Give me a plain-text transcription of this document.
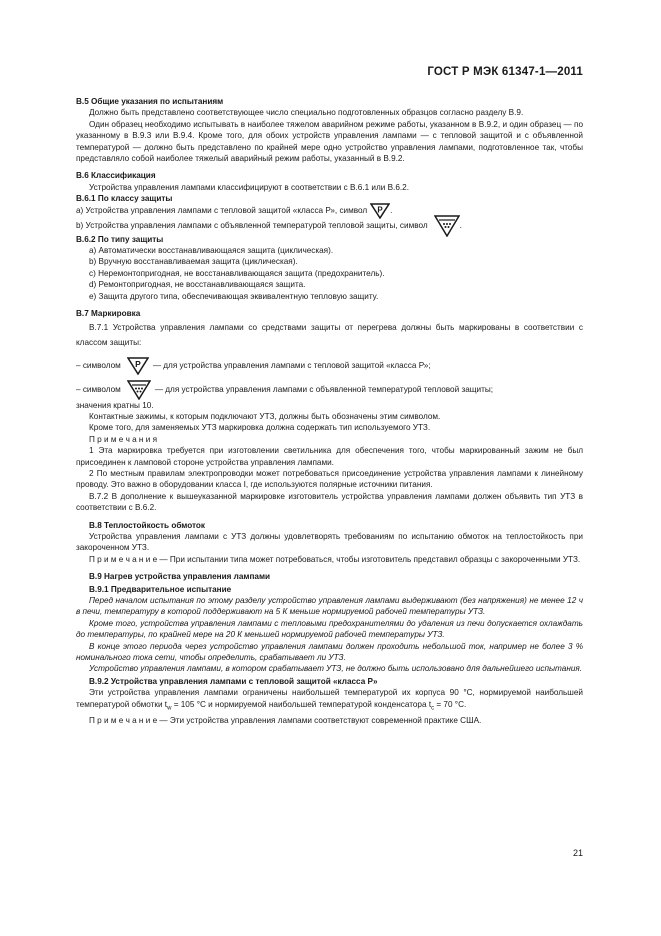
ГОСТ Р МЭК 61347-1—2011

В.5 Общие указания по испытаниям

Должно быть представлено соответствующее число специально подготовленных образцов согласно разделу В.9.

Один образец необходимо испытывать в наиболее тяжелом аварийном режиме работы, указанном в В.9.2, и один образец — по указанному в В.9.3 или В.9.4. Кроме того, для обоих устройств управления лампами — с тепловой защитой и с объявленной температурой — должно быть представлено по крайней мере одно устройство управления лампами, подготовленное так, чтобы представляло собой наиболее тяжелый аварийный режим работы, указанный в В.9.2.

В.6 Классификация

Устройства управления лампами классифицируют в соответствии с В.6.1 или В.6.2.

В.6.1 По классу защиты

a) Устройства управления лампами с тепловой защитой «класса Р», символ P .
b) Устройства управления лампами с объявленной температурой тепловой защиты, символ	.

В.6.2 По типу защиты

a) Автоматически восстанавливающаяся защита (циклическая).

b) Вручную восстанавливаемая защита (циклическая).

c) Неремонтопригодная, не восстанавливающаяся защита (предохранитель).

d) Ремонтопригодная, не восстанавливающаяся защита.

e) Защита другого типа, обеспечивающая эквивалентную тепловую защиту.

В.7 Маркировка

В.7.1 Устройства управления лампами со средствами защиты от перегрева должны быть маркированы в соответствии с классом защиты:

– символом P — для устройства управления лампами с тепловой защитой «класса Р»;
– символом	— для устройства управления лампами с объявленной температурой тепловой защиты;

значения кратны 10.

Контактные зажимы, к которым подключают УТЗ, должны быть обозначены этим символом.

Кроме того, для заменяемых УТЗ маркировка должна содержать тип используемого УТЗ.

П р и м е ч а н и я

1 Эта маркировка требуется при изготовлении светильника для обеспечения того, чтобы маркированный зажим не был присоединен к ламповой стороне устройства управления лампами.

2 По местным правилам электропроводки может потребоваться присоединение устройства управления лампами к линейному проводу. Это важно в оборудовании класса I, где используются полярные источники питания.

В.7.2 В дополнение к вышеуказанной маркировке изготовитель устройства управления лампами должен объявить тип УТЗ в соответствии с В.6.2.

В.8 Теплостойкость обмоток

Устройства управления лампами с УТЗ должны удовлетворять требованиям по испытанию обмоток на теплостойкость при закороченном УТЗ.

П р и м е ч а н и е — При испытании типа может потребоваться, чтобы изготовитель представил образцы с закороченными УТЗ.

В.9 Нагрев устройства управления лампами

В.9.1 Предварительное испытание

Перед началом испытания по этому разделу устройство управления лампами выдерживают (без напряжения) не менее 12 ч в печи, температуру в которой поддерживают на 5 К меньше нормируемой рабочей температуры УТЗ.

Кроме того, устройства управления лампами с тепловыми предохранителями до удаления из печи допускается охлаждать до температуры, по крайней мере на 20 К меньшей нормируемой рабочей температуры УТЗ.

В конце этого периода через устройство управления лампами должен проходить небольшой ток, например не более 3 % номинального тока сети, чтобы определить, срабатывает ли УТЗ.

Устройство управления лампами, в котором срабатывает УТЗ, не должно быть использовано для дальнейшего испытания.

В.9.2 Устройства управления лампами с тепловой защитой «класса Р»

Эти устройства управления лампами ограничены наибольшей температурой их корпуса 90 °С, нормируемой наибольшей температурой обмотки $t_w = 105$ °С и нормируемой наибольшей температурой конденсатора $t_c = 70$ °С.

П р и м е ч а н и е — Эти устройства управления лампами соответствуют современной практике США.

21
